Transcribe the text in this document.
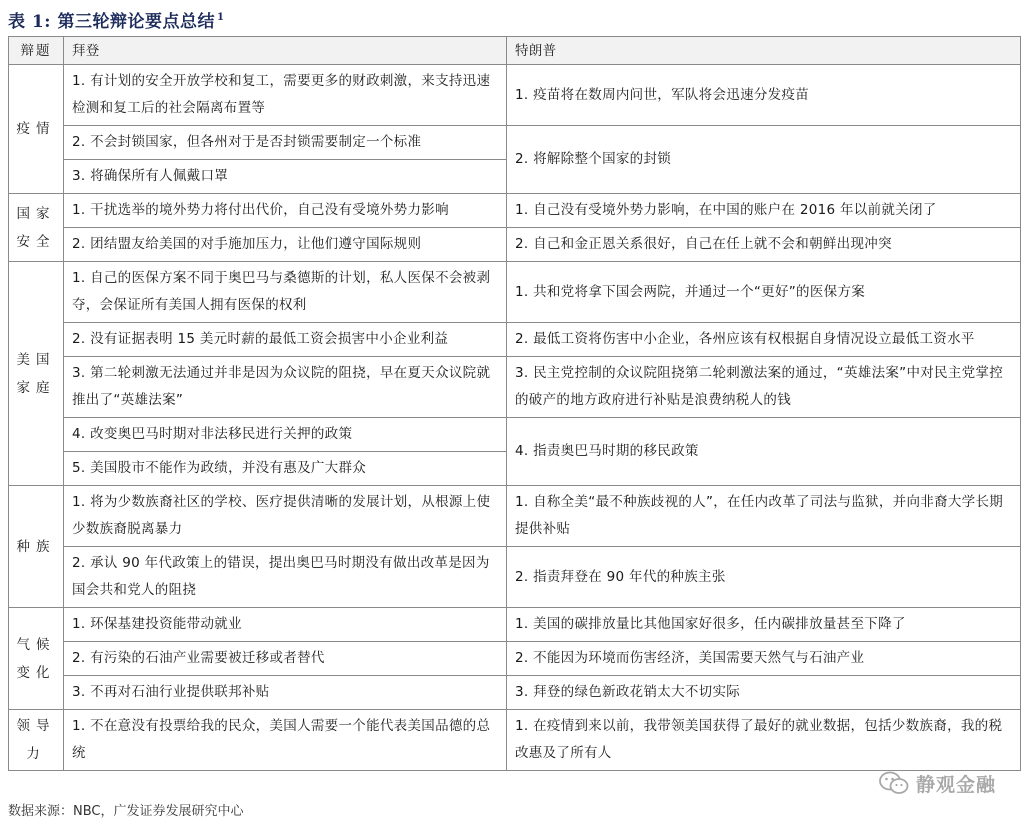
表 1: 第三轮辩论要点总结 $^1$
辩题	拜登	特朗普
疫情	1. 有计划的安全开放学校和复工，需要更多的财政刺激，来支持迅速检测和复工后的社会隔离布置等	1. 疫苗将在数周内问世，军队将会迅速分发疫苗
	2. 不会封锁国家，但各州对于是否封锁需要制定一个标准	2. 将解除整个国家的封锁
	3. 将确保所有人佩戴口罩	
国家安全	1. 干扰选举的境外势力将付出代价，自己没有受境外势力影响	1. 自己没有受境外势力影响，在中国的账户在 2016 年以前就关闭了
	2. 团结盟友给美国的对手施加压力，让他们遵守国际规则	2. 自己和金正恩关系很好，自己在任上就不会和朝鲜出现冲突
美国家庭	1. 自己的医保方案不同于奥巴马与桑德斯的计划，私人医保不会被剥夺，会保证所有美国人拥有医保的权利	1. 共和党将拿下国会两院，并通过一个“更好”的医保方案
	2. 没有证据表明 15 美元时薪的最低工资会损害中小企业利益	2. 最低工资将伤害中小企业，各州应该有权根据自身情况设立最低工资水平
	3. 第二轮刺激无法通过并非是因为众议院的阻挠，早在夏天众议院就推出了“英雄法案”	3. 民主党控制的众议院阻挠第二轮刺激法案的通过，“英雄法案”中对民主党掌控的破产的地方政府进行补贴是浪费纳税人的钱
	4. 改变奥巴马时期对非法移民进行关押的政策	4. 指责奥巴马时期的移民政策
	5. 美国股市不能作为政绩，并没有惠及广大群众	
种族	1. 将为少数族裔社区的学校、医疗提供清晰的发展计划，从根源上使少数族裔脱离暴力	1. 自称全美“最不种族歧视的人”，在任内改革了司法与监狱，并向非裔大学长期提供补贴
	2. 承认 90 年代政策上的错误，提出奥巴马时期没有做出改革是因为国会共和党人的阻挠	2. 指责拜登在 90 年代的种族主张
气候变化	1. 环保基建投资能带动就业	1. 美国的碳排放量比其他国家好很多，任内碳排放量甚至下降了
	2. 有污染的石油产业需要被迁移或者替代	2. 不能因为环境而伤害经济，美国需要天然气与石油产业
	3. 不再对石油行业提供联邦补贴	3. 拜登的绿色新政花销太大不切实际
领导力	1. 不在意没有投票给我的民众，美国人需要一个能代表美国品德的总统	1. 在疫情到来以前，我带领美国获得了最好的就业数据，包括少数族裔，我的税改惠及了所有人
数据来源：NBC，广发证券发展研究中心
静观金融
